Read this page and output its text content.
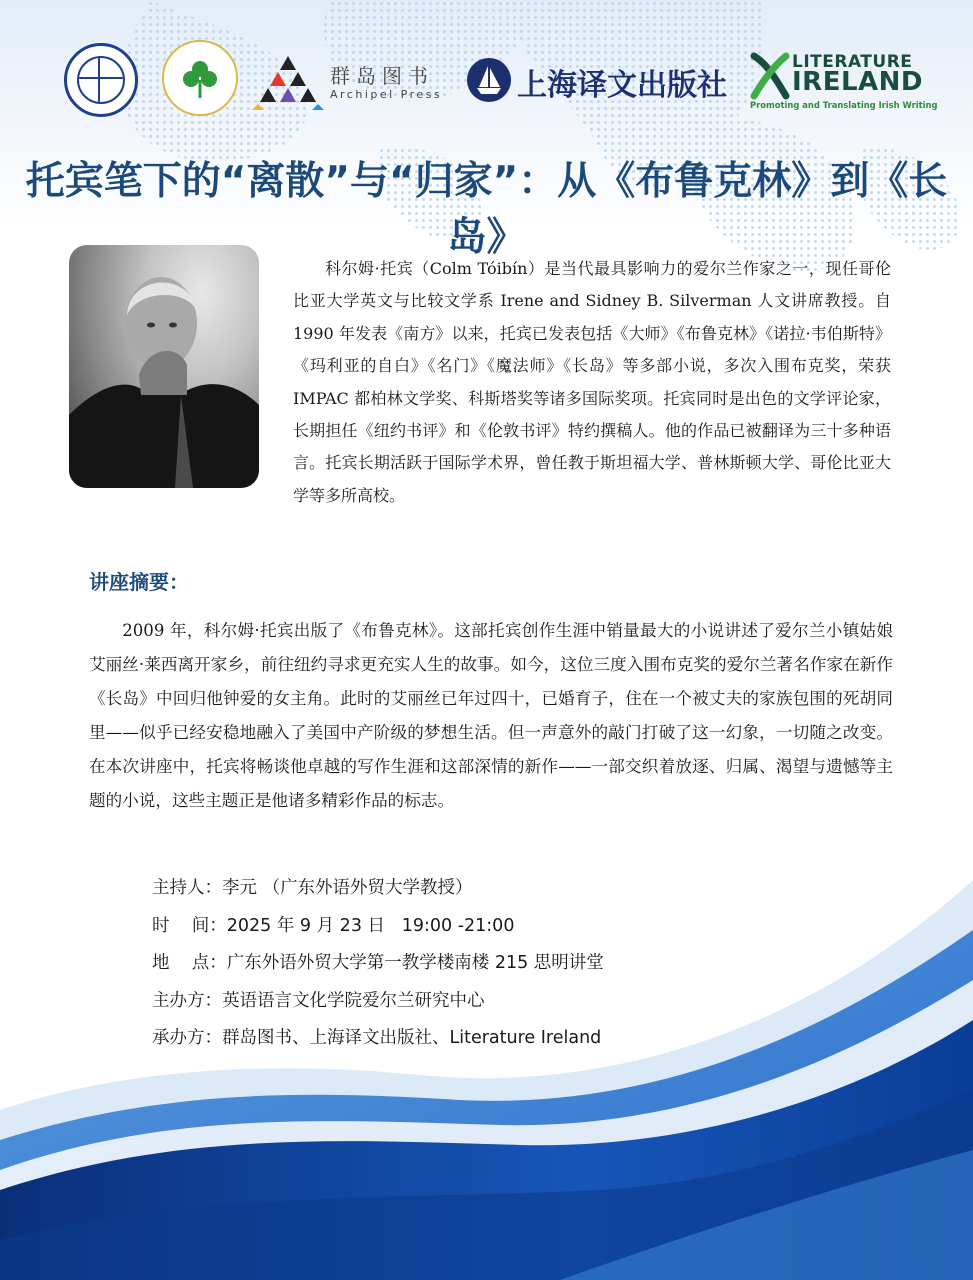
群岛图书
Archipel Press 上海译文出版社
LITERATURE
IRELAND
Promoting and Translating Irish Writing
托宾笔下的“离散”与“归家”：从《布鲁克林》到《长岛》

科尔姆·托宾（Colm Tóibín）是当代最具影响力的爱尔兰作家之一，现任哥伦比亚大学英文与比较文学系 Irene and Sidney B. Silverman 人文讲席教授。自 1990 年发表《南方》以来，托宾已发表包括《大师》《布鲁克林》《诺拉·韦伯斯特》《玛利亚的自白》《名门》《魔法师》《长岛》等多部小说，多次入围布克奖，荣获 IMPAC 都柏林文学奖、科斯塔奖等诸多国际奖项。托宾同时是出色的文学评论家，长期担任《纽约书评》和《伦敦书评》特约撰稿人。他的作品已被翻译为三十多种语言。托宾长期活跃于国际学术界，曾任教于斯坦福大学、普林斯顿大学、哥伦比亚大学等多所高校。

讲座摘要：

2009 年，科尔姆·托宾出版了《布鲁克林》。这部托宾创作生涯中销量最大的小说讲述了爱尔兰小镇姑娘艾丽丝·莱西离开家乡，前往纽约寻求更充实人生的故事。如今，这位三度入围布克奖的爱尔兰著名作家在新作《长岛》中回归他钟爱的女主角。此时的艾丽丝已年过四十，已婚育子，住在一个被丈夫的家族包围的死胡同里——似乎已经安稳地融入了美国中产阶级的梦想生活。但一声意外的敲门打破了这一幻象，一切随之改变。在本次讲座中，托宾将畅谈他卓越的写作生涯和这部深情的新作——一部交织着放逐、归属、渴望与遗憾等主题的小说，这些主题正是他诸多精彩作品的标志。

主持人：李元 （广东外语外贸大学教授）
时    间：2025 年 9 月 23 日   19:00 -21:00
地    点：广东外语外贸大学第一教学楼南楼 215 思明讲堂
主办方：英语语言文化学院爱尔兰研究中心
承办方：群岛图书、上海译文出版社、Literature Ireland
